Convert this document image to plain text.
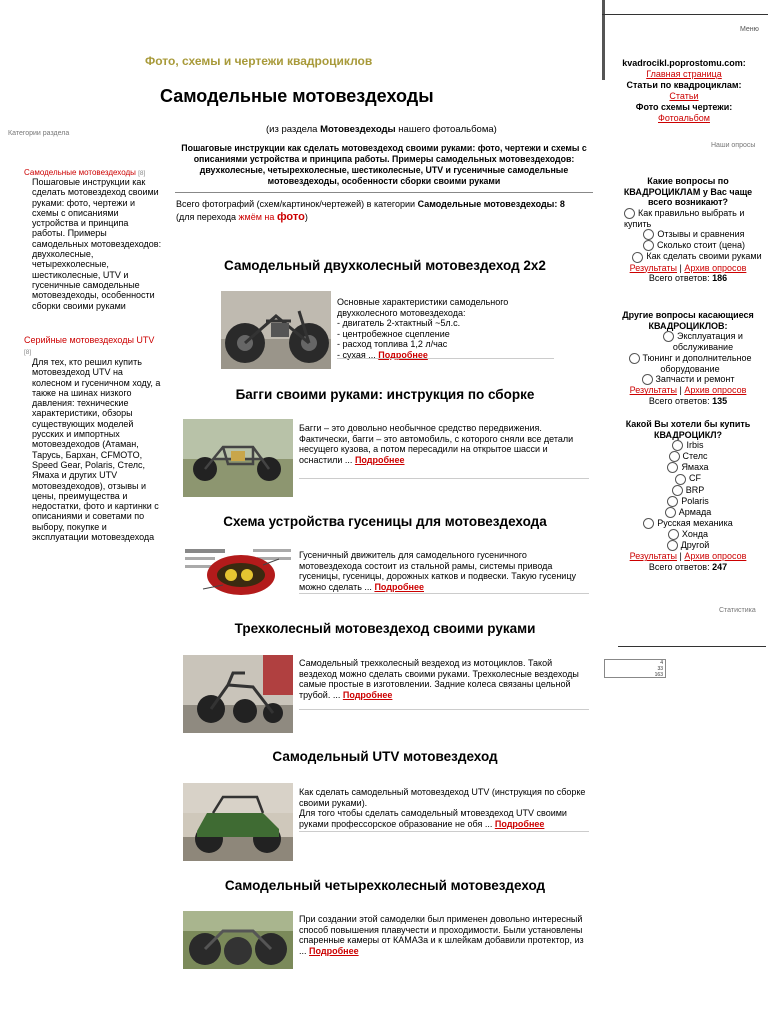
Меню
kvadrocikl.poprostomu.com:
Главная страница
Статьи по квадроциклам:
Статьи
Фото схемы чертежи:
Фотоальбом
Наши опросы
Какие вопросы по КВАДРОЦИКЛАМ у Вас чаще всего возникают?
Как правильно выбрать и купить
Отзывы и сравнения
Сколько стоит (цена)
Как сделать своими руками
Результаты | Архив опросов
Всего ответов: 186
Другие вопросы касающиеся КВАДРОЦИКЛОВ:
Эксплуатация и обслуживание
Тюнинг и дополнительное оборудование
Запчасти и ремонт
Результаты | Архив опросов
Всего ответов: 135
Какой Вы хотели бы купить КВАДРОЦИКЛ?
Irbis
Стелс
Ямаха
CF
BRP
Polaris
Армада
Русская механика
Хонда
Другой
Результаты | Архив опросов
Всего ответов: 247
Статистика
4
33
163
Фото, схемы и чертежи квадроциклов
Самодельные мотовездеходы
(из раздела Мотовездеходы нашего фотоальбома)
Пошаговые инструкции как сделать мотовездеход своими руками: фото, чертежи и схемы с описаниями устройства и принципа работы. Примеры самодельных мотовездеходов: двухколесные, четырехколесные, шестиколесные, UTV и гусеничные самодельные мотовездеходы, особенности сборки своими руками
Всего фотографий (схем/картинок/чертежей) в категории Самодельные мотовездеходы: 8
(для перехода жмём на фото)
Категории раздела
Самодельные мотовездеходы [8]
Пошаговые инструкции как сделать мотовездеход своими руками: фото, чертежи и схемы с описаниями устройства и принципа работы. Примеры самодельных мотовездеходов: двухколесные, четырехколесные, шестиколесные, UTV и гусеничные самодельные мотовездеходы, особенности сборки своими руками
Серийные мотовездеходы UTV [8]
Для тех, кто решил купить мотовездеход UTV на колесном и гусеничном ходу, а также на шинах низкого давления: технические характеристики, обзоры существующих моделей русских и импортных мотовездеходов (Атаман, Тарусь, Бархан, CFMOTO, Speed Gear, Polaris, Стелс, Ямаха и других UTV мотовездеходов), отзывы и цены, преимущества и недостатки, фото и картинки с описаниями и советами по выбору, покупке и эксплуатации мотовездехода
Самодельный двухколесный мотовездеход 2х2
Основные характеристики самодельного двухколесного мотовездехода:
- двигатель 2-хтактный ~5л.с.
- центробежное сцепление
- расход топлива 1,2 л/час
- сухая ... Подробнее
Багги своими руками: инструкция по сборке
Багги – это довольно необычное средство передвижения. Фактически, багги – это автомобиль, с которого сняли все детали несущего кузова, а потом пересадили на открытое шасси и оснастили ... Подробнее
Схема устройства гусеницы для мотовездехода
Гусеничный движитель для самодельного гусеничного мотовездехода состоит из стальной рамы, системы привода гусеницы, гусеницы, дорожных катков и подвески. Такую гусеницу можно сделать ... Подробнее
Трехколесный мотовездеход своими руками
Самодельный трехколесный вездеход из мотоциклов. Такой вездеход можно сделать своими руками. Трехколесные вездеходы самые простые в изготовлении. Задние колеса связаны цельной трубой. ... Подробнее
Самодельный UTV мотовездеход
Как сделать самодельный мотовездеход UTV (инструкция по сборке своими руками).
Для того чтобы сделать самодельный мтовездеход UTV своими руками профессорское образование не обя ... Подробнее
Самодельный четырехколесный мотовездеход
При создании этой самоделки был применен довольно интересный способ повышения плавучести и проходимости. Были установлены спаренные камеры от КАМАЗа и к шлейкам добавили протектор, из ... Подробнее
